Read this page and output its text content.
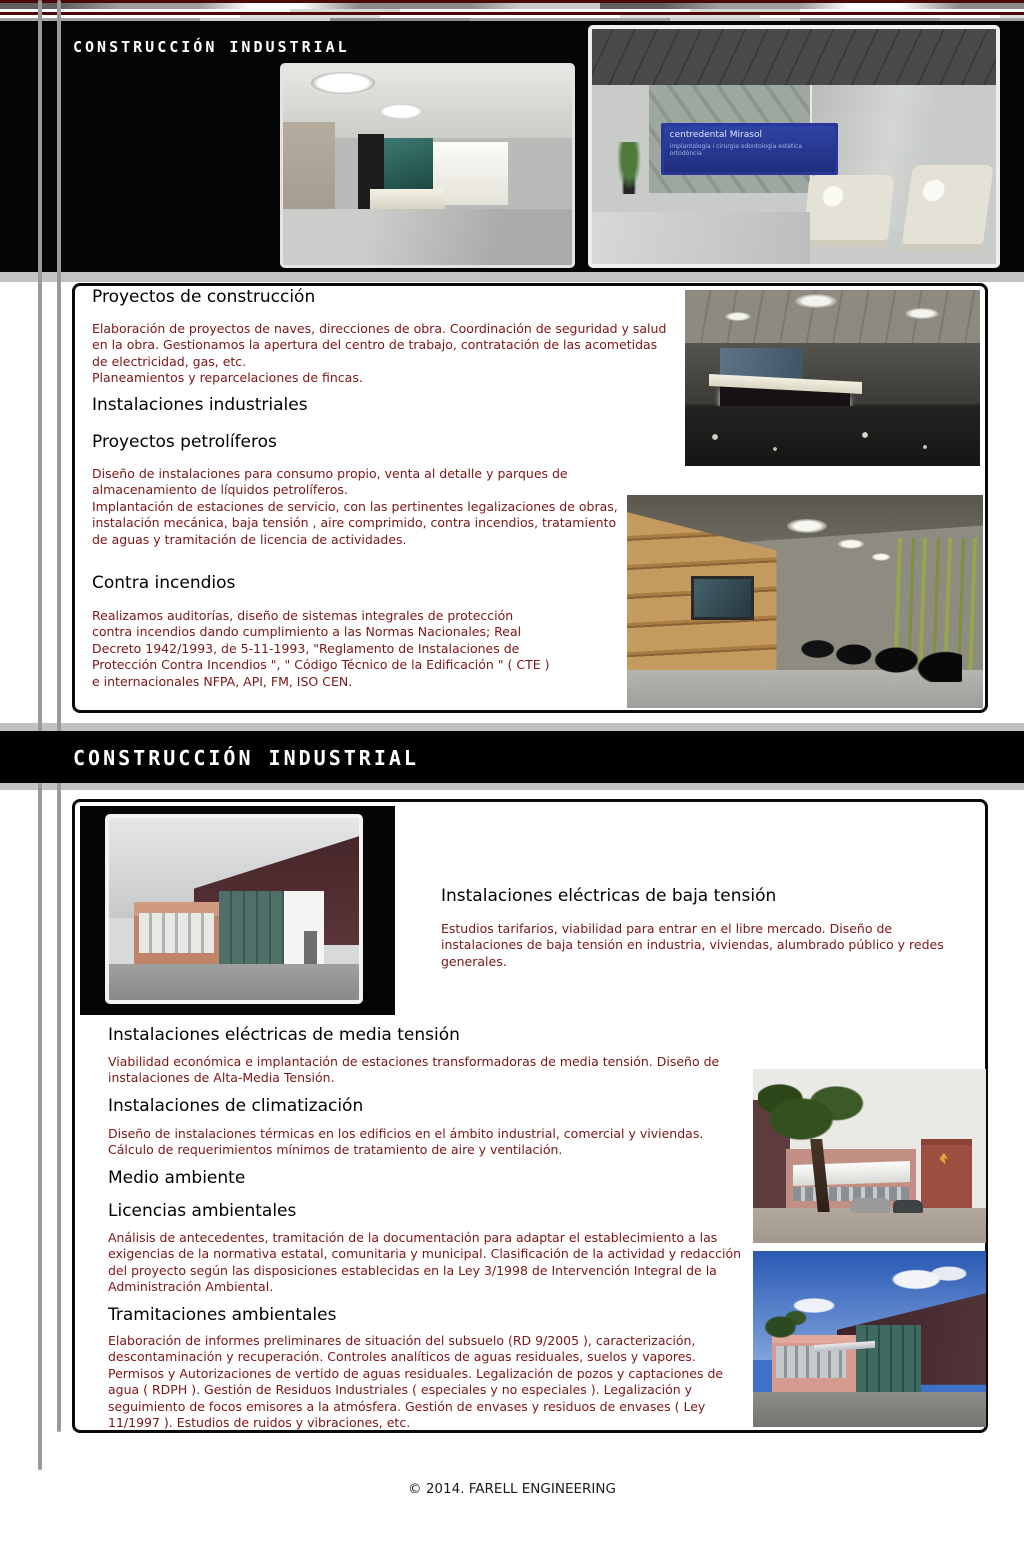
CONSTRUCCIÓN INDUSTRIAL
centredental Mirasol
implantologia i cirurgia odontologia estètica ortodòncia
Proyectos de construcción
Elaboración de proyectos de naves, direcciones de obra. Coordinación de seguridad y salud en la obra. Gestionamos la apertura del centro de trabajo, contratación de las acometidas de electricidad, gas, etc.
Planeamientos y reparcelaciones de fincas.
Instalaciones industriales
Proyectos petrolíferos
Diseño de instalaciones para consumo propio, venta al detalle y parques de almacenamiento de líquidos petrolíferos.
Implantación de estaciones de servicio, con las pertinentes legalizaciones de obras, instalación mecánica, baja tensión , aire comprimido, contra incendios, tratamiento de aguas y tramitación de licencia de actividades.
Contra incendios
Realizamos auditorías, diseño de sistemas integrales de protección contra incendios dando cumplimiento a las Normas Nacionales; Real Decreto 1942/1993, de 5-11-1993, "Reglamento de Instalaciones de Protección Contra Incendios ", " Código Técnico de la Edificación " ( CTE ) e internacionales NFPA, API, FM, ISO CEN.
CONSTRUCCIÓN INDUSTRIAL
Instalaciones eléctricas de baja tensión
Estudios tarifarios, viabilidad para entrar en el libre mercado. Diseño de instalaciones de baja tensión en industria, viviendas, alumbrado público y redes generales.
Instalaciones eléctricas de media tensión
Viabilidad económica e implantación de estaciones transformadoras de media tensión. Diseño de instalaciones de Alta-Media Tensión.
Instalaciones de climatización
Diseño de instalaciones térmicas en los edificios en el ámbito industrial, comercial y viviendas. Cálculo de requerimientos mínimos de tratamiento de aire y ventilación.
Medio ambiente
Licencias ambientales
Análisis de antecedentes, tramitación de la documentación para adaptar el establecimiento a las exigencias de la normativa estatal, comunitaria y municipal. Clasificación de la actividad y redacción del proyecto según las disposiciones establecidas en la Ley 3/1998 de Intervención Integral de la Administración Ambiental.
Tramitaciones ambientales
Elaboración de informes preliminares de situación del subsuelo (RD 9/2005 ), caracterización, descontaminación y recuperación. Controles analíticos de aguas residuales, suelos y vapores. Permisos y Autorizaciones de vertido de aguas residuales. Legalización de pozos y captaciones de agua ( RDPH ). Gestión de Residuos Industriales ( especiales y no especiales ). Legalización y seguimiento de focos emisores a la atmósfera. Gestión de envases y residuos de envases ( Ley 11/1997 ). Estudios de ruidos y vibraciones, etc.
© 2014. FARELL ENGINEERING
